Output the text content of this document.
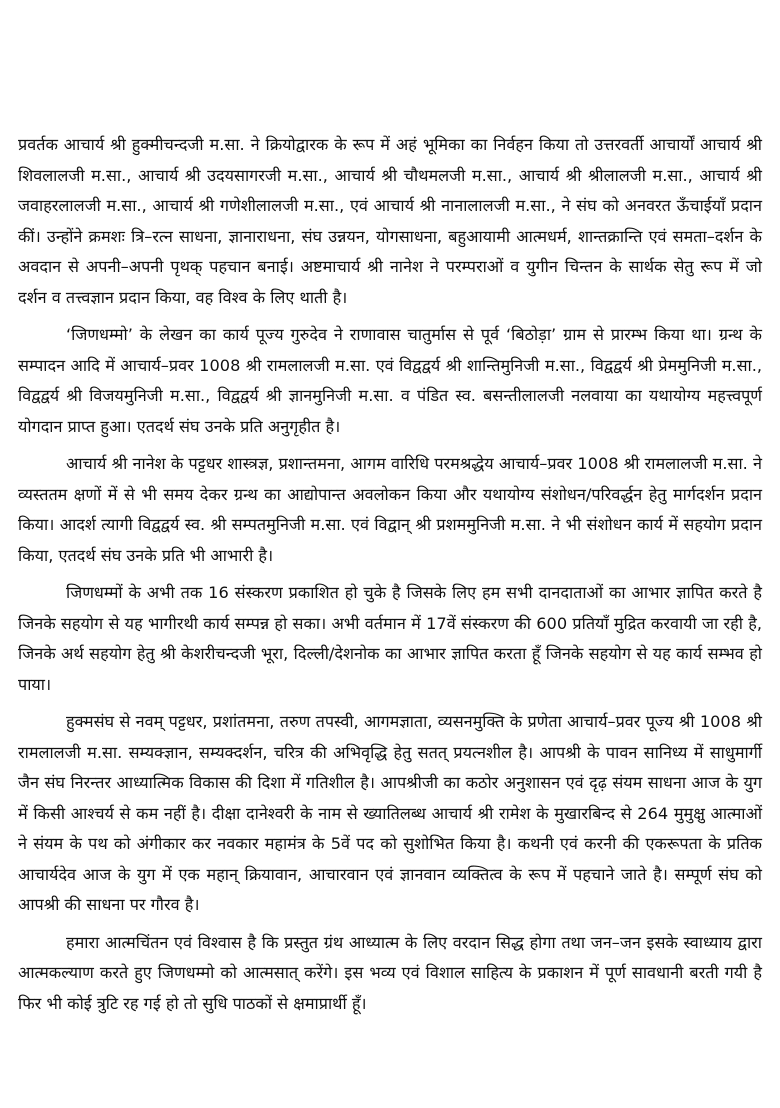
प्रवर्तक आचार्य श्री हुक्मीचन्दजी म.सा. ने क्रियोद्वारक के रूप में अहं भूमिका का निर्वहन किया तो उत्तरवर्ती आचार्यों आचार्य श्री शिवलालजी म.सा., आचार्य श्री उदयसागरजी म.सा., आचार्य श्री चौथमलजी म.सा., आचार्य श्री श्रीलालजी म.सा., आचार्य श्री जवाहरलालजी म.सा., आचार्य श्री गणेशीलालजी म.सा., एवं आचार्य श्री नानालालजी म.सा., ने संघ को अनवरत ऊँचाईयाँ प्रदान कीं। उन्होंने क्रमशः त्रि–रत्न साधना, ज्ञानाराधना, संघ उन्नयन, योगसाधना, बहुआयामी आत्मधर्म, शान्तक्रान्ति एवं समता–दर्शन के अवदान से अपनी–अपनी पृथक् पहचान बनाई। अष्टमाचार्य श्री नानेश ने परम्पराओं व युगीन चिन्तन के सार्थक सेतु रूप में जो दर्शन व तत्त्वज्ञान प्रदान किया, वह विश्व के लिए थाती है।

‘जिणधम्मो’ के लेखन का कार्य पूज्य गुरुदेव ने राणावास चातुर्मास से पूर्व ‘बिठोड़ा’ ग्राम से प्रारम्भ किया था। ग्रन्थ के सम्पादन आदि में आचार्य–प्रवर 1008 श्री रामलालजी म.सा. एवं विद्वद्वर्य श्री शान्तिमुनिजी म.सा., विद्वद्वर्य श्री प्रेममुनिजी म.सा., विद्वद्वर्य श्री विजयमुनिजी म.सा., विद्वद्वर्य श्री ज्ञानमुनिजी म.सा. व पंडित स्व. बसन्तीलालजी नलवाया का यथायोग्य महत्त्वपूर्ण योगदान प्राप्त हुआ। एतदर्थ संघ उनके प्रति अनुगृहीत है।

आचार्य श्री नानेश के पट्टधर शास्त्रज्ञ, प्रशान्तमना, आगम वारिधि परमश्रद्धेय आचार्य–प्रवर 1008 श्री रामलालजी म.सा. ने व्यस्ततम क्षणों में से भी समय देकर ग्रन्थ का आद्योपान्त अवलोकन किया और यथायोग्य संशोधन/परिवर्द्धन हेतु मार्गदर्शन प्रदान किया। आदर्श त्यागी विद्वद्वर्य स्व. श्री सम्पतमुनिजी म.सा. एवं विद्वान् श्री प्रशममुनिजी म.सा. ने भी संशोधन कार्य में सहयोग प्रदान किया, एतदर्थ संघ उनके प्रति भी आभारी है।

जिणधम्मों के अभी तक 16 संस्करण प्रकाशित हो चुके है जिसके लिए हम सभी दानदाताओं का आभार ज्ञापित करते है जिनके सहयोग से यह भागीरथी कार्य सम्पन्न हो सका। अभी वर्तमान में 17वें संस्करण की 600 प्रतियाँ मुद्रित करवायी जा रही है, जिनके अर्थ सहयोग हेतु श्री केशरीचन्दजी भूरा, दिल्ली/देशनोक का आभार ज्ञापित करता हूँ जिनके सहयोग से यह कार्य सम्भव हो पाया।

हुक्मसंघ से नवम् पट्टधर, प्रशांतमना, तरुण तपस्वी, आगमज्ञाता, व्यसनमुक्ति के प्रणेता आचार्य–प्रवर पूज्य श्री 1008 श्री रामलालजी म.सा. सम्यक्ज्ञान, सम्यक्दर्शन, चरित्र की अभिवृद्धि हेतु सतत् प्रयत्नशील है। आपश्री के पावन सानिध्य में साधुमार्गी जैन संघ निरन्तर आध्यात्मिक विकास की दिशा में गतिशील है। आपश्रीजी का कठोर अनुशासन एवं दृढ़ संयम साधना आज के युग में किसी आश्चर्य से कम नहीं है। दीक्षा दानेश्वरी के नाम से ख्यातिलब्ध आचार्य श्री रामेश के मुखारबिन्द से 264 मुमुक्षु आत्माओं ने संयम के पथ को अंगीकार कर नवकार महामंत्र के 5वें पद को सुशोभित किया है। कथनी एवं करनी की एकरूपता के प्रतिक आचार्यदेव आज के युग में एक महान् क्रियावान, आचारवान एवं ज्ञानवान व्यक्तित्व के रूप में पहचाने जाते है। सम्पूर्ण संघ को आपश्री की साधना पर गौरव है।

हमारा आत्मचिंतन एवं विश्वास है कि प्रस्तुत ग्रंथ आध्यात्म के लिए वरदान सिद्ध होगा तथा जन–जन इसके स्वाध्याय द्वारा आत्मकल्याण करते हुए जिणधम्मो को आत्मसात् करेंगे। इस भव्य एवं विशाल साहित्य के प्रकाशन में पूर्ण सावधानी बरती गयी है फिर भी कोई त्रुटि रह गई हो तो सुधि पाठकों से क्षमाप्रार्थी हूँ।
